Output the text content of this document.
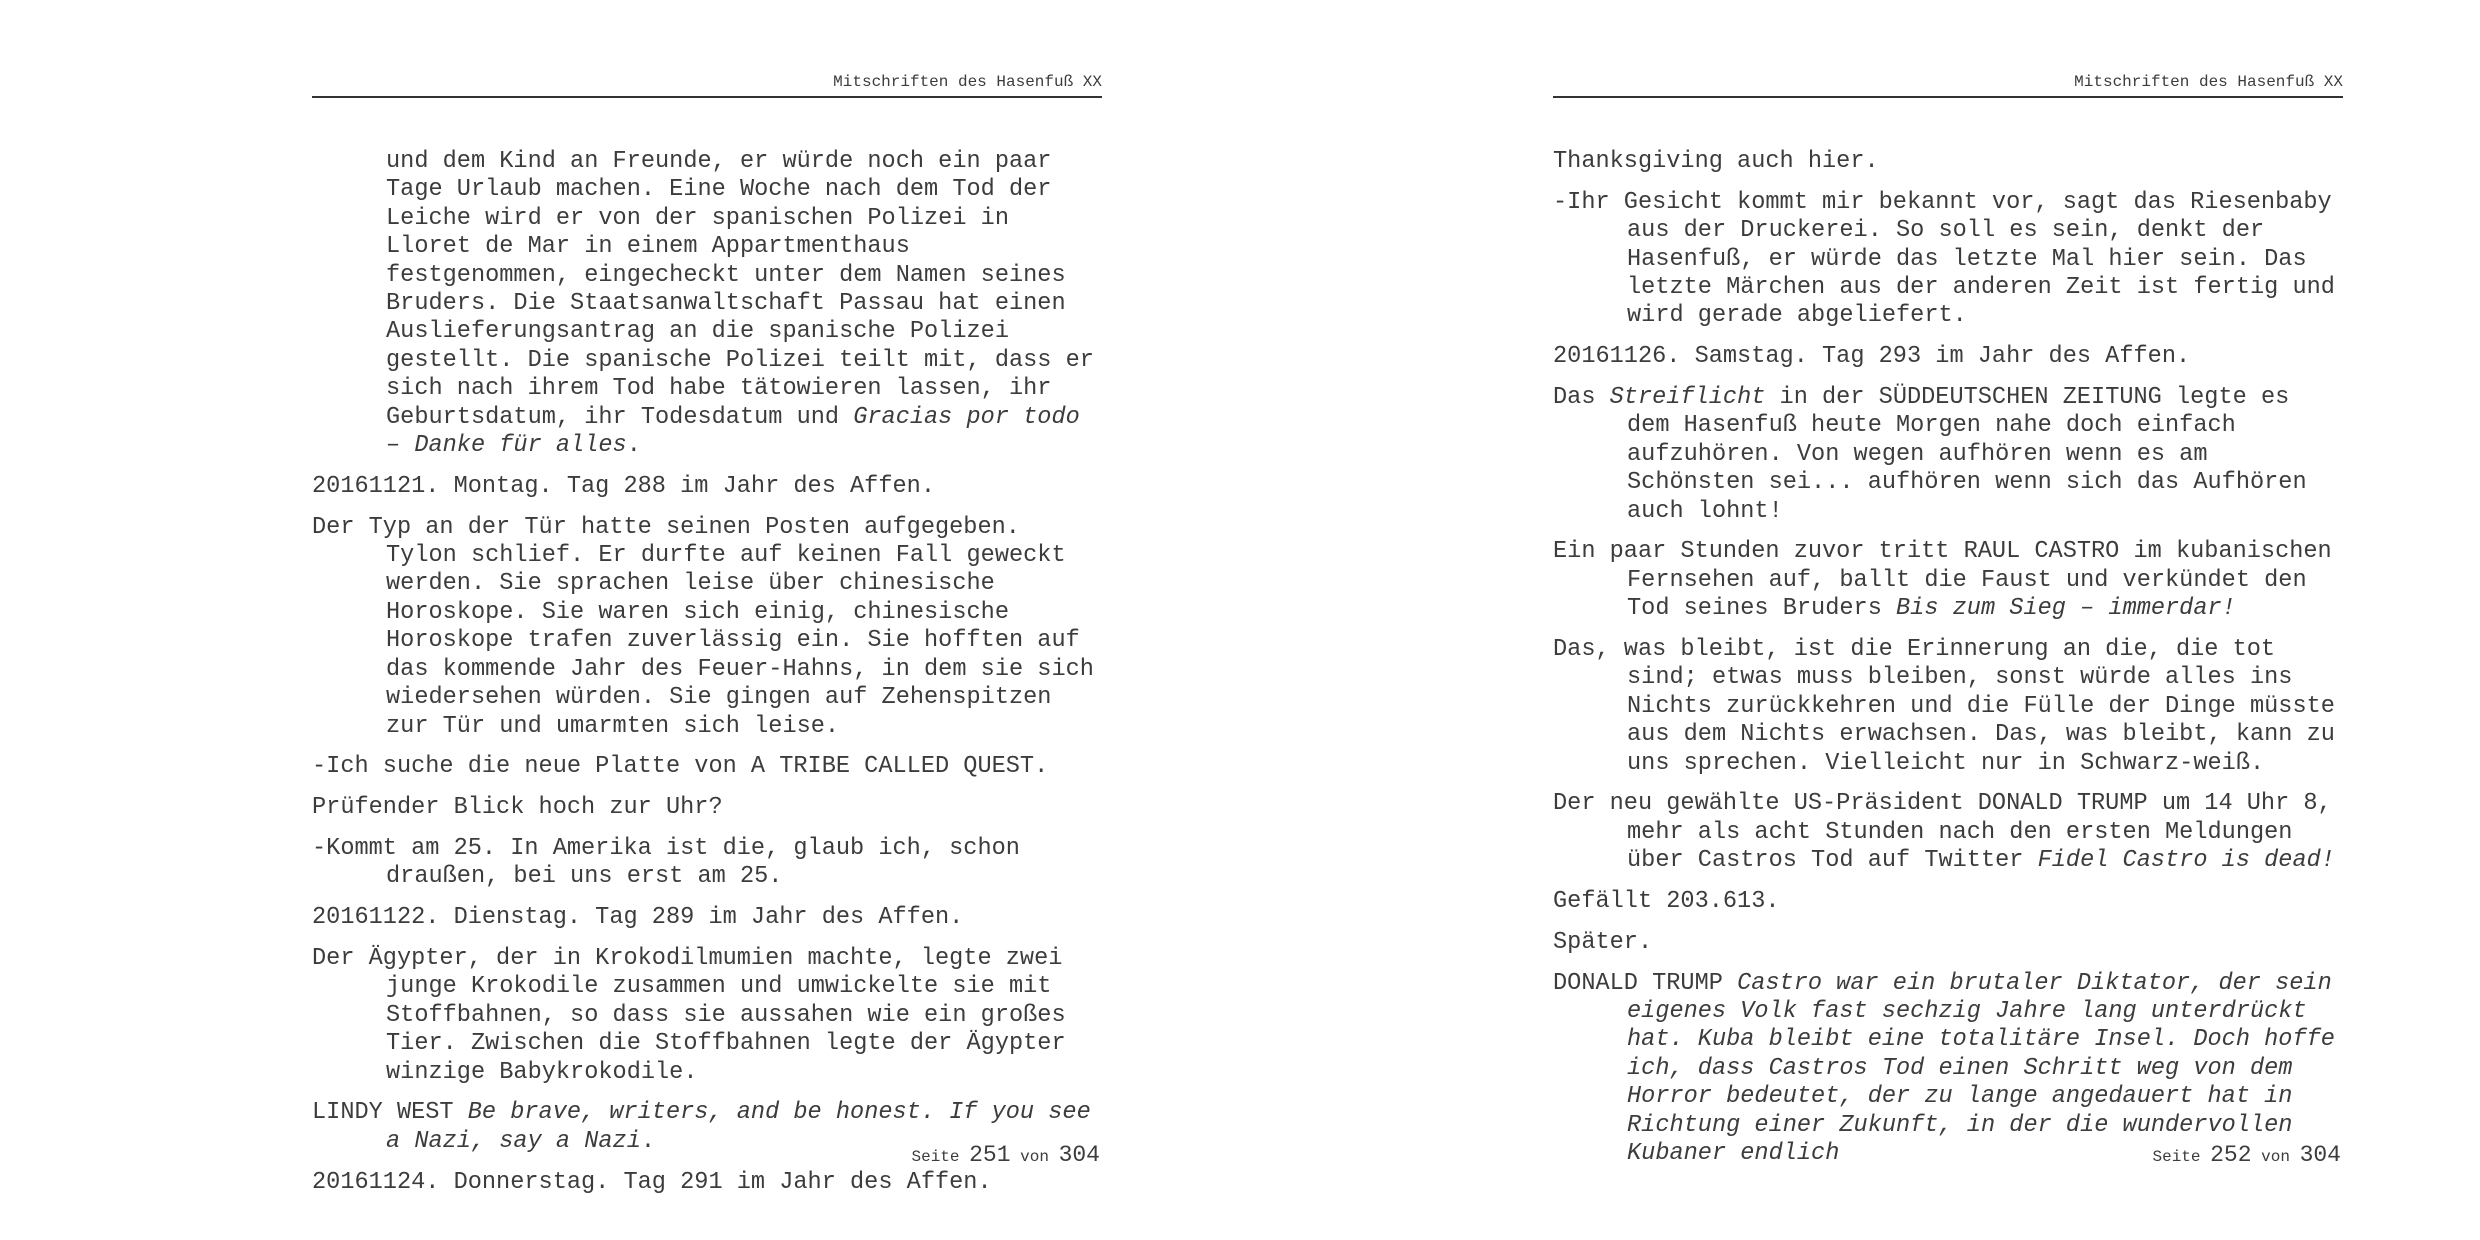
Mitschriften des Hasenfuß XX

und dem Kind an Freunde, er würde noch ein paar Tage Urlaub machen. Eine Woche nach dem Tod der Leiche wird er von der spanischen Polizei in Lloret de Mar in einem Appartmenthaus festgenommen, eingecheckt unter dem Namen seines Bruders. Die Staatsanwaltschaft Passau hat einen Auslieferungsantrag an die spanische Polizei gestellt. Die spanische Polizei teilt mit, dass er sich nach ihrem Tod habe tätowieren lassen, ihr Geburtsdatum, ihr Todesdatum und Gracias por todo – Danke für alles.

20161121. Montag. Tag 288 im Jahr des Affen.

Der Typ an der Tür hatte seinen Posten aufgegeben. Tylon schlief. Er durfte auf keinen Fall geweckt werden. Sie sprachen leise über chinesische Horoskope. Sie waren sich einig, chinesische Horoskope trafen zuverlässig ein. Sie hofften auf das kommende Jahr des Feuer-Hahns, in dem sie sich wiedersehen würden. Sie gingen auf Zehenspitzen zur Tür und umarmten sich leise.

-Ich suche die neue Platte von A TRIBE CALLED QUEST.

Prüfender Blick hoch zur Uhr?

-Kommt am 25. In Amerika ist die, glaub ich, schon draußen, bei uns erst am 25.

20161122. Dienstag. Tag 289 im Jahr des Affen.

Der Ägypter, der in Krokodilmumien machte, legte zwei junge Krokodile zusammen und umwickelte sie mit Stoffbahnen, so dass sie aussahen wie ein großes Tier. Zwischen die Stoffbahnen legte der Ägypter winzige Babykrokodile.

LINDY WEST Be brave, writers, and be honest. If you see a Nazi, say a Nazi.

20161124. Donnerstag. Tag 291 im Jahr des Affen.

Seite 251 von 304
Mitschriften des Hasenfuß XX

Thanksgiving auch hier.

-Ihr Gesicht kommt mir bekannt vor, sagt das Riesenbaby aus der Druckerei. So soll es sein, denkt der Hasenfuß, er würde das letzte Mal hier sein. Das letzte Märchen aus der anderen Zeit ist fertig und wird gerade abgeliefert.

20161126. Samstag. Tag 293 im Jahr des Affen.

Das Streiflicht in der SÜDDEUTSCHEN ZEITUNG legte es dem Hasenfuß heute Morgen nahe doch einfach aufzuhören. Von wegen aufhören wenn es am Schönsten sei... aufhören wenn sich das Aufhören auch lohnt!

Ein paar Stunden zuvor tritt RAUL CASTRO im kubanischen Fernsehen auf, ballt die Faust und verkündet den Tod seines Bruders Bis zum Sieg – immerdar!

Das, was bleibt, ist die Erinnerung an die, die tot sind; etwas muss bleiben, sonst würde alles ins Nichts zurückkehren und die Fülle der Dinge müsste aus dem Nichts erwachsen. Das, was bleibt, kann zu uns sprechen. Vielleicht nur in Schwarz-weiß.

Der neu gewählte US-Präsident DONALD TRUMP um 14 Uhr 8, mehr als acht Stunden nach den ersten Meldungen über Castros Tod auf Twitter Fidel Castro is dead!

Gefällt 203.613.

Später.

DONALD TRUMP Castro war ein brutaler Diktator, der sein eigenes Volk fast sechzig Jahre lang unterdrückt hat. Kuba bleibt eine totalitäre Insel. Doch hoffe ich, dass Castros Tod einen Schritt weg von dem Horror bedeutet, der zu lange angedauert hat in Richtung einer Zukunft, in der die wundervollen Kubaner endlich	Seite 252 von 304
